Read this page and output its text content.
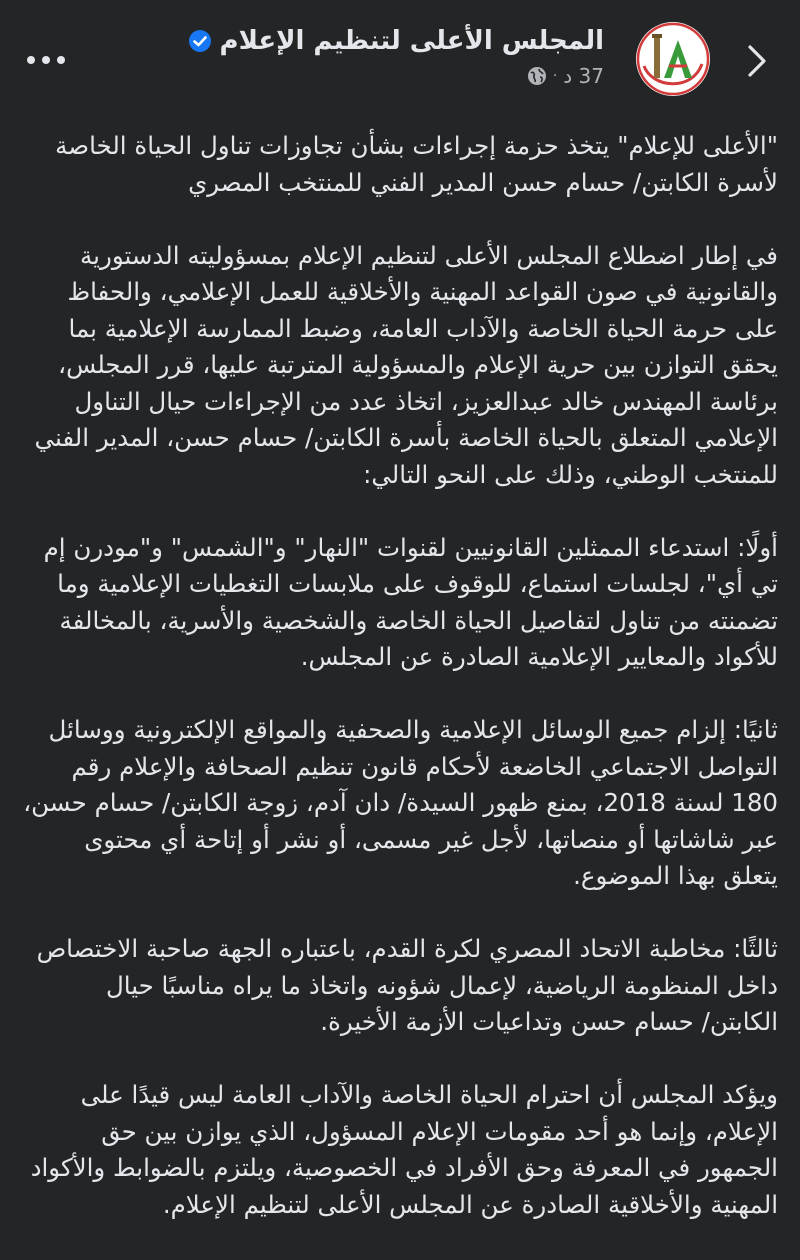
المجلس الأعلى لتنظيم الإعلام
37 د
·

"الأعلى للإعلام" يتخذ حزمة إجراءات بشأن تجاوزات تناول الحياة الخاصة لأسرة الكابتن/ حسام حسن المدير الفني للمنتخب المصري

في إطار اضطلاع المجلس الأعلى لتنظيم الإعلام بمسؤوليته الدستورية والقانونية في صون القواعد المهنية والأخلاقية للعمل الإعلامي، والحفاظ على حرمة الحياة الخاصة والآداب العامة، وضبط الممارسة الإعلامية بما يحقق التوازن بين حرية الإعلام والمسؤولية المترتبة عليها، قرر المجلس، برئاسة المهندس خالد عبدالعزيز، اتخاذ عدد من الإجراءات حيال التناول الإعلامي المتعلق بالحياة الخاصة بأسرة الكابتن/ حسام حسن، المدير الفني للمنتخب الوطني، وذلك على النحو التالي:

أولًا: استدعاء الممثلين القانونيين لقنوات "النهار" و"الشمس" و"مودرن إم تي أي"، لجلسات استماع، للوقوف على ملابسات التغطيات الإعلامية وما تضمنته من تناول لتفاصيل الحياة الخاصة والشخصية والأسرية، بالمخالفة للأكواد والمعايير الإعلامية الصادرة عن المجلس.

ثانيًا: إلزام جميع الوسائل الإعلامية والصحفية والمواقع الإلكترونية ووسائل التواصل الاجتماعي الخاضعة لأحكام قانون تنظيم الصحافة والإعلام رقم 180 لسنة 2018، بمنع ظهور السيدة/ دان آدم، زوجة الكابتن/ حسام حسن، عبر شاشاتها أو منصاتها، لأجل غير مسمى، أو نشر أو إتاحة أي محتوى يتعلق بهذا الموضوع.

ثالثًا: مخاطبة الاتحاد المصري لكرة القدم، باعتباره الجهة صاحبة الاختصاص داخل المنظومة الرياضية، لإعمال شؤونه واتخاذ ما يراه مناسبًا حيال الكابتن/ حسام حسن وتداعيات الأزمة الأخيرة.

ويؤكد المجلس أن احترام الحياة الخاصة والآداب العامة ليس قيدًا على الإعلام، وإنما هو أحد مقومات الإعلام المسؤول، الذي يوازن بين حق الجمهور في المعرفة وحق الأفراد في الخصوصية، ويلتزم بالضوابط والأكواد المهنية والأخلاقية الصادرة عن المجلس الأعلى لتنظيم الإعلام.
